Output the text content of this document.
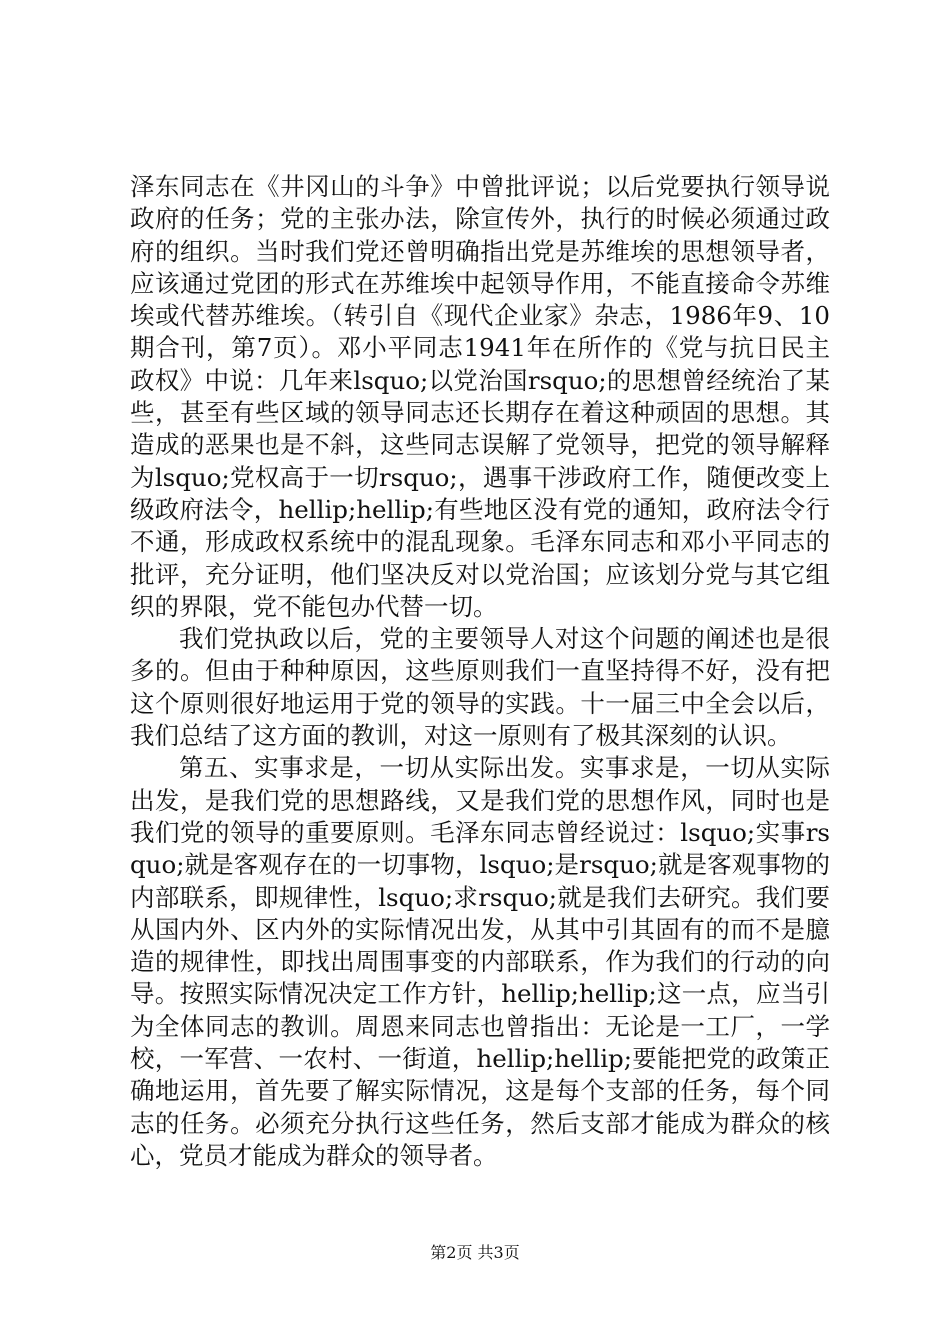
泽东同志在《井冈山的斗争》中曾批评说；以后党要执行领导说政府的任务；党的主张办法，除宣传外，执行的时候必须通过政府的组织。当时我们党还曾明确指出党是苏维埃的思想领导者，应该通过党团的形式在苏维埃中起领导作用，不能直接命令苏维埃或代替苏维埃。（转引自《现代企业家》杂志，1986年9、10期合刊，第7页）。邓小平同志1941年在所作的《党与抗日民主政权》中说：几年来lsquo;以党治国rsquo;的思想曾经统治了某些，甚至有些区域的领导同志还长期存在着这种顽固的思想。其造成的恶果也是不斜，这些同志误解了党领导，把党的领导解释为lsquo;党权高于一切rsquo;，遇事干涉政府工作，随便改变上级政府法令，hellip;hellip;有些地区没有党的通知，政府法令行不通，形成政权系统中的混乱现象。毛泽东同志和邓小平同志的批评，充分证明，他们坚决反对以党治国；应该划分党与其它组织的界限，党不能包办代替一切。

我们党执政以后，党的主要领导人对这个问题的阐述也是很多的。但由于种种原因，这些原则我们一直坚持得不好，没有把这个原则很好地运用于党的领导的实践。十一届三中全会以后，我们总结了这方面的教训，对这一原则有了极其深刻的认识。

第五、实事求是，一切从实际出发。实事求是，一切从实际出发，是我们党的思想路线，又是我们党的思想作风，同时也是我们党的领导的重要原则。毛泽东同志曾经说过：lsquo;实事rsquo;就是客观存在的一切事物，lsquo;是rsquo;就是客观事物的内部联系，即规律性，lsquo;求rsquo;就是我们去研究。我们要从国内外、区内外的实际情况出发，从其中引其固有的而不是臆造的规律性，即找出周围事变的内部联系，作为我们的行动的向导。按照实际情况决定工作方针，hellip;hellip;这一点，应当引为全体同志的教训。周恩来同志也曾指出：无论是一工厂，一学校，一军营、一农村、一街道，hellip;hellip;要能把党的政策正确地运用，首先要了解实际情况，这是每个支部的任务，每个同志的任务。必须充分执行这些任务，然后支部才能成为群众的核心，党员才能成为群众的领导者。

第2页 共3页
